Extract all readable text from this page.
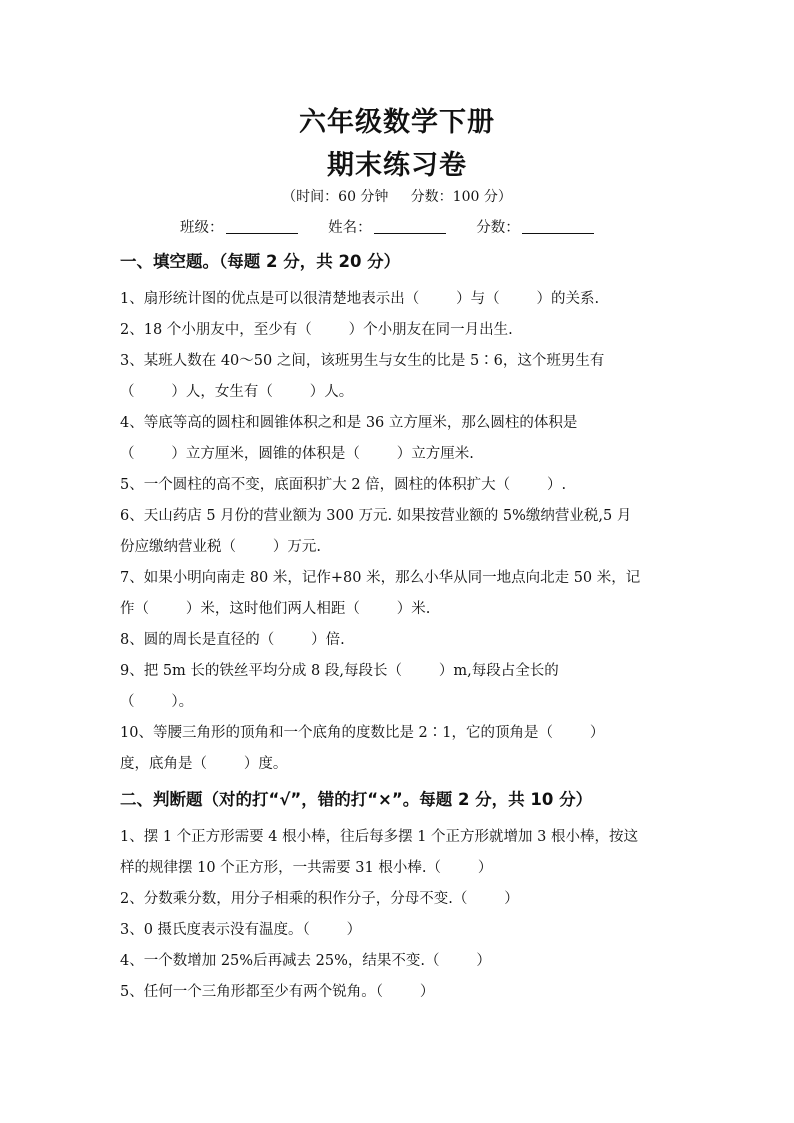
六年级数学下册
期末练习卷
（时间：60 分钟     分数：100 分）
班级：	姓名：	分数：
一、填空题。（每题 2 分，共 20 分）

1、扇形统计图的优点是可以很清楚地表示出（        ）与（        ）的关系.

2、18 个小朋友中，至少有（        ）个小朋友在同一月出生.

3、某班人数在 40～50 之间，该班男生与女生的比是 5∶6，这个班男生有

（        ）人，女生有（        ）人。

4、等底等高的圆柱和圆锥体积之和是 36 立方厘米，那么圆柱的体积是

（        ）立方厘米，圆锥的体积是（        ）立方厘米.

5、一个圆柱的高不变，底面积扩大 2 倍，圆柱的体积扩大（        ）.

6、天山药店 5 月份的营业额为 300 万元. 如果按营业额的 5%缴纳营业税,5 月

份应缴纳营业税（        ）万元.

7、如果小明向南走 80 米，记作+80 米，那么小华从同一地点向北走 50 米，记

作（        ）米，这时他们两人相距（        ）米.

8、圆的周长是直径的（        ）倍.

9、把 5m 长的铁丝平均分成 8 段,每段长（        ）m,每段占全长的

（        ）。

10、等腰三角形的顶角和一个底角的度数比是 2∶1，它的顶角是（        ）

度，底角是（        ）度。

二、判断题（对的打“√”，错的打“×”。每题 2 分，共 10 分）

1、摆 1 个正方形需要 4 根小棒，往后每多摆 1 个正方形就增加 3 根小棒，按这

样的规律摆 10 个正方形，一共需要 31 根小棒.（        ）

2、分数乘分数，用分子相乘的积作分子，分母不变.（        ）

3、0 摄氏度表示没有温度。（        ）

4、一个数增加 25%后再减去 25%，结果不变.（        ）

5、任何一个三角形都至少有两个锐角。（        ）
